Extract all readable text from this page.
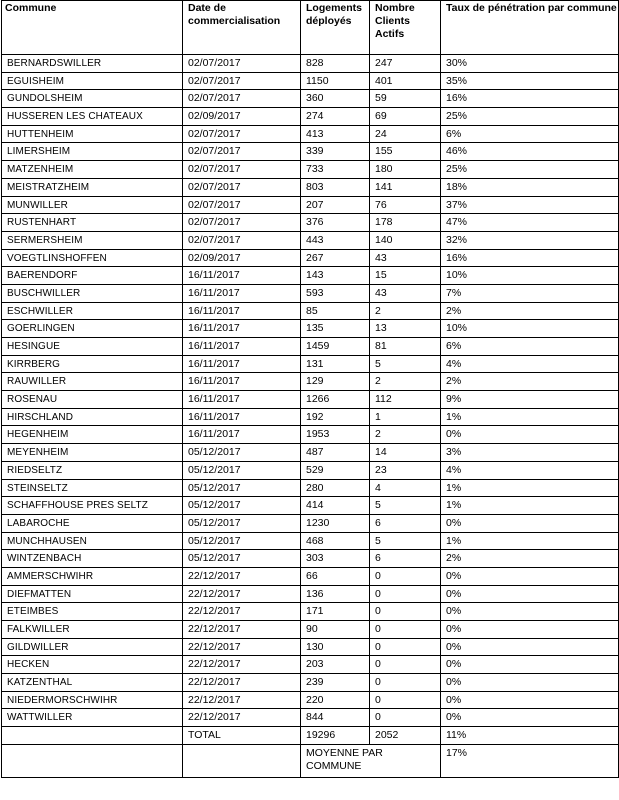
Commune	Date de commercialisation	Logements déployés	Nombre Clients Actifs	Taux de pénétration par commune
BERNARDSWILLER	02/07/2017	828	247	30%
EGUISHEIM	02/07/2017	1150	401	35%
GUNDOLSHEIM	02/07/2017	360	59	16%
HUSSEREN LES CHATEAUX	02/09/2017	274	69	25%
HUTTENHEIM	02/07/2017	413	24	6%
LIMERSHEIM	02/07/2017	339	155	46%
MATZENHEIM	02/07/2017	733	180	25%
MEISTRATZHEIM	02/07/2017	803	141	18%
MUNWILLER	02/07/2017	207	76	37%
RUSTENHART	02/07/2017	376	178	47%
SERMERSHEIM	02/07/2017	443	140	32%
VOEGTLINSHOFFEN	02/09/2017	267	43	16%
BAERENDORF	16/11/2017	143	15	10%
BUSCHWILLER	16/11/2017	593	43	7%
ESCHWILLER	16/11/2017	85	2	2%
GOERLINGEN	16/11/2017	135	13	10%
HESINGUE	16/11/2017	1459	81	6%
KIRRBERG	16/11/2017	131	5	4%
RAUWILLER	16/11/2017	129	2	2%
ROSENAU	16/11/2017	1266	112	9%
HIRSCHLAND	16/11/2017	192	1	1%
HEGENHEIM	16/11/2017	1953	2	0%
MEYENHEIM	05/12/2017	487	14	3%
RIEDSELTZ	05/12/2017	529	23	4%
STEINSELTZ	05/12/2017	280	4	1%
SCHAFFHOUSE PRES SELTZ	05/12/2017	414	5	1%
LABAROCHE	05/12/2017	1230	6	0%
MUNCHHAUSEN	05/12/2017	468	5	1%
WINTZENBACH	05/12/2017	303	6	2%
AMMERSCHWIHR	22/12/2017	66	0	0%
DIEFMATTEN	22/12/2017	136	0	0%
ETEIMBES	22/12/2017	171	0	0%
FALKWILLER	22/12/2017	90	0	0%
GILDWILLER	22/12/2017	130	0	0%
HECKEN	22/12/2017	203	0	0%
KATZENTHAL	22/12/2017	239	0	0%
NIEDERMORSCHWIHR	22/12/2017	220	0	0%
WATTWILLER	22/12/2017	844	0	0%
	TOTAL	19296	2052	11%
		MOYENNE PAR COMMUNE		17%
